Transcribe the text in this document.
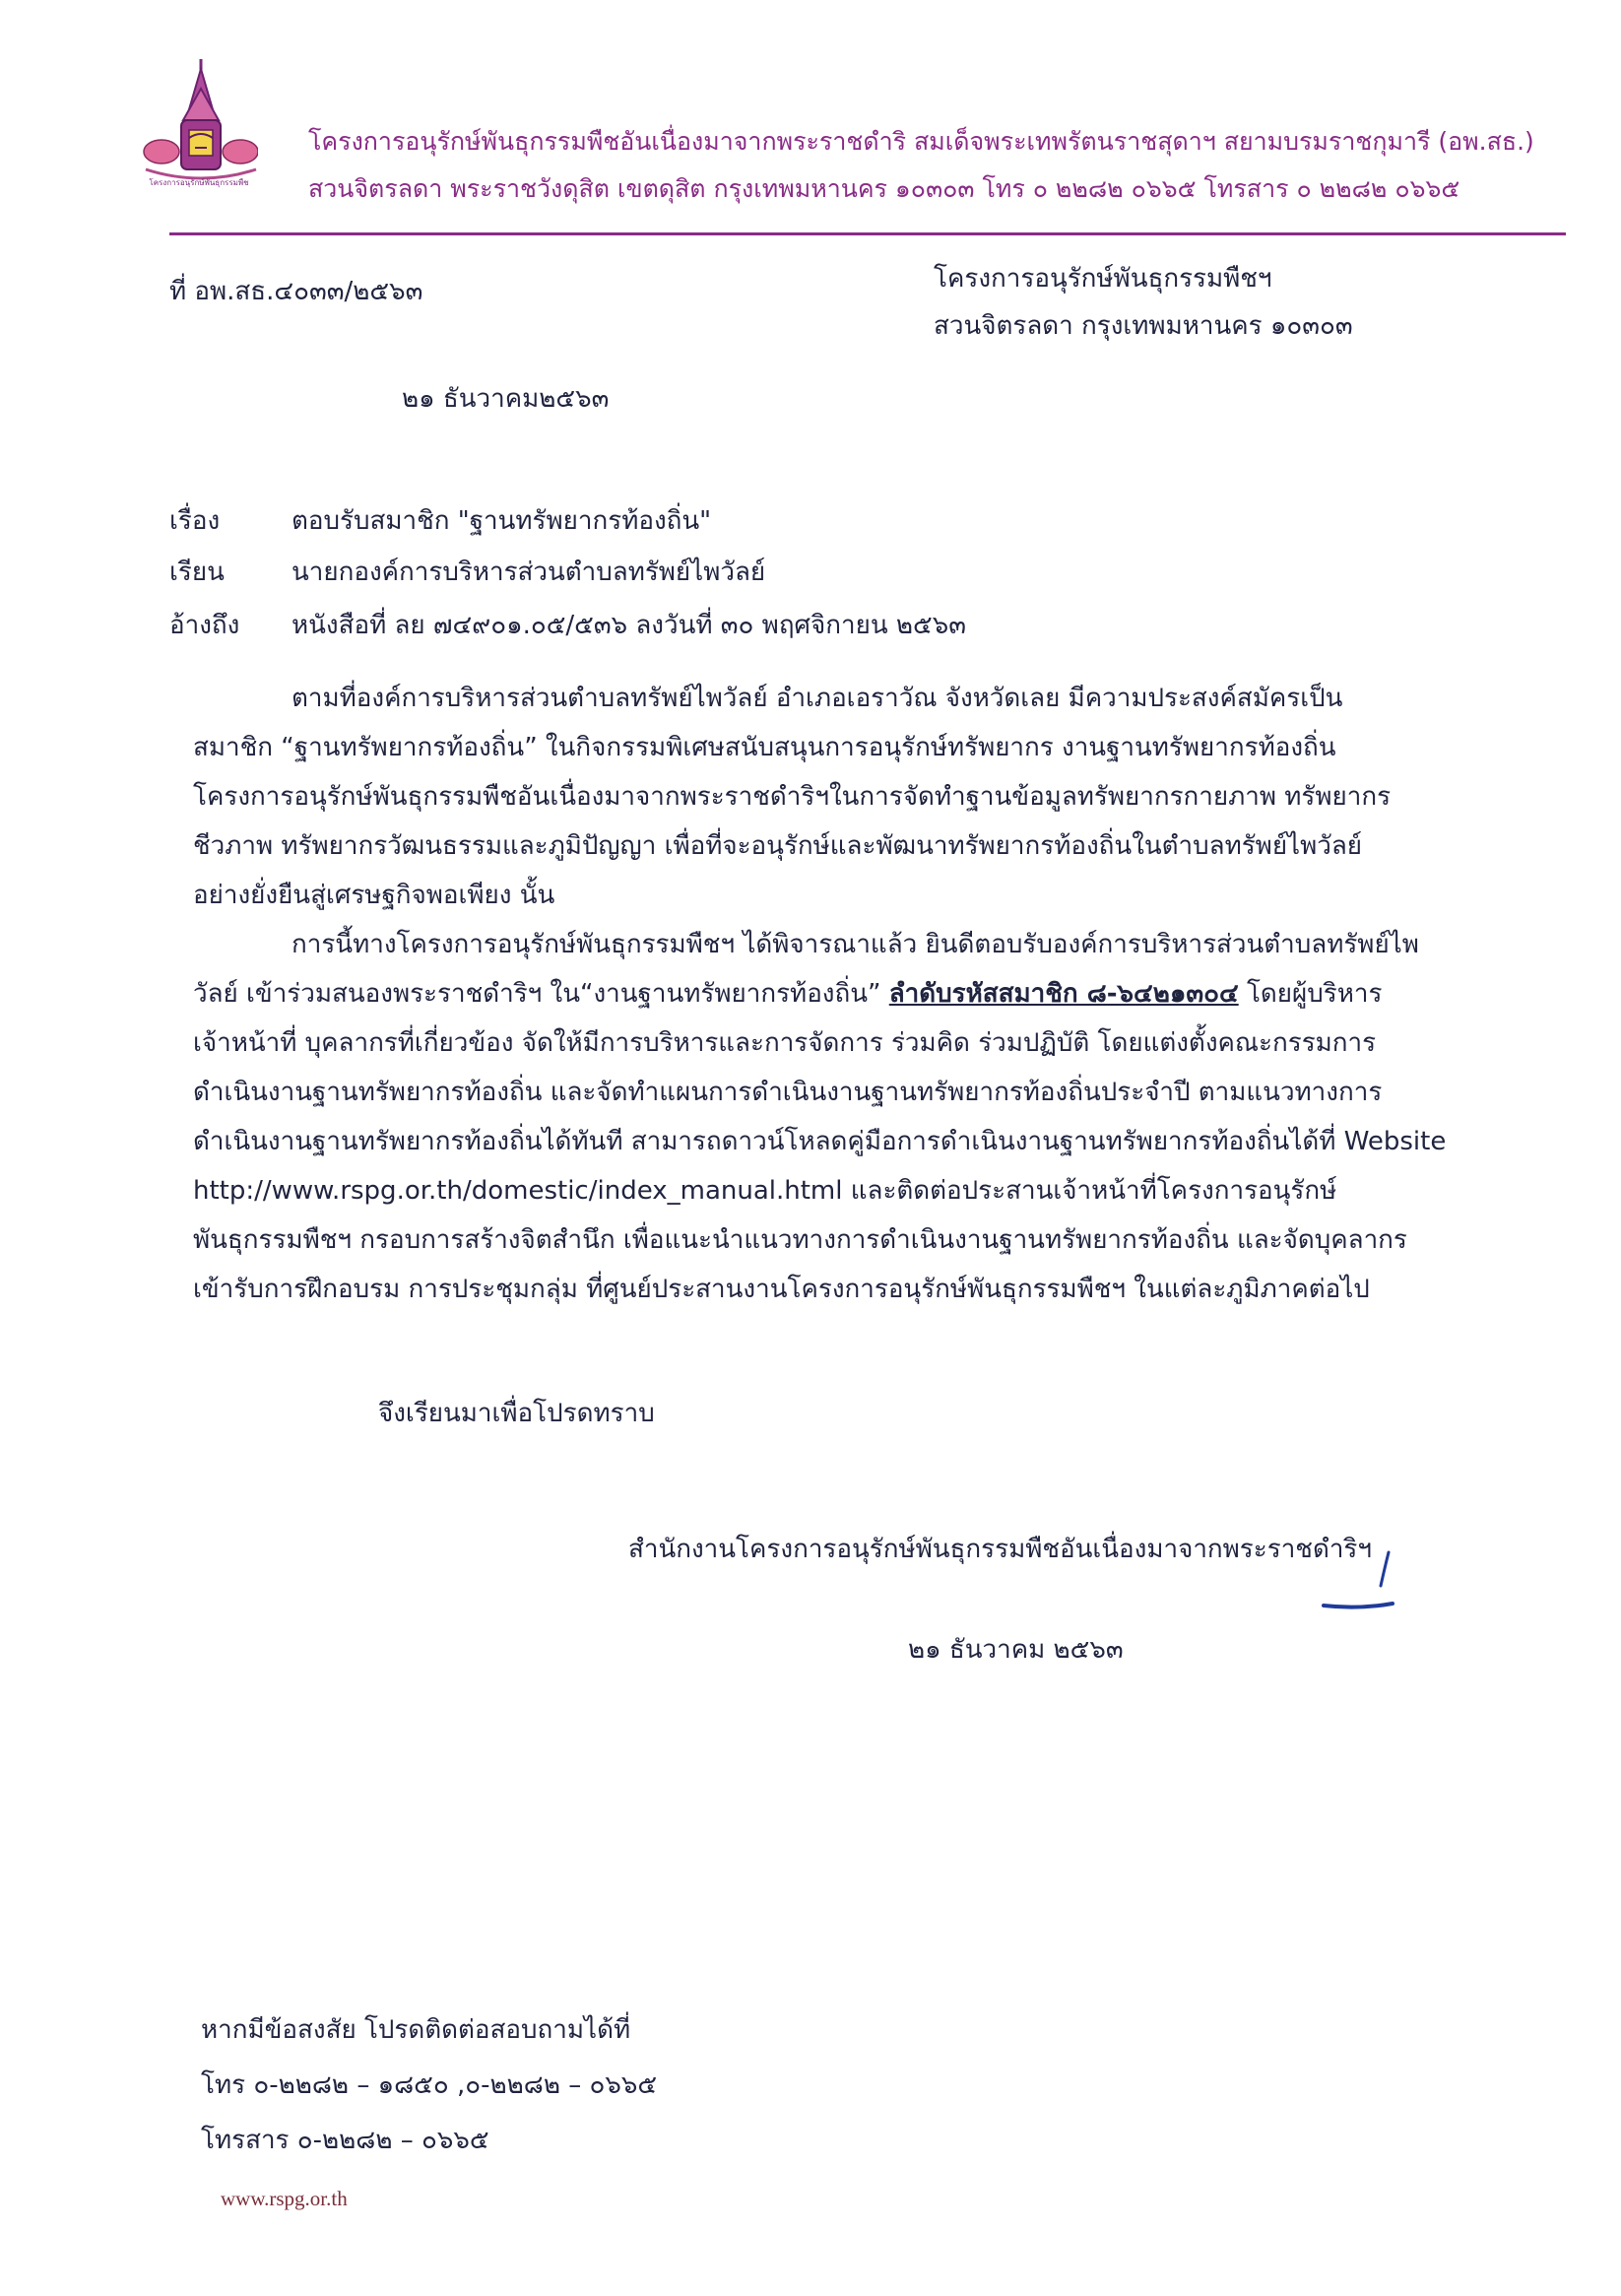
โครงการอนุรักษ์พันธุกรรมพืช
โครงการอนุรักษ์พันธุกรรมพืชอันเนื่องมาจากพระราชดำริ สมเด็จพระเทพรัตนราชสุดาฯ สยามบรมราชกุมารี (อพ.สธ.)
สวนจิตรลดา พระราชวังดุสิต เขตดุสิต กรุงเทพมหานคร ๑๐๓๐๓ โทร ๐ ๒๒๘๒ ๐๖๖๕ โทรสาร ๐ ๒๒๘๒ ๐๖๖๕
ที่ อพ.สธ.๔๐๓๓/๒๕๖๓	โครงการอนุรักษ์พันธุกรรมพืชฯ
สวนจิตรลดา กรุงเทพมหานคร ๑๐๓๐๓
๒๑ ธันวาคม๒๕๖๓
เรื่อง	ตอบรับสมาชิก "ฐานทรัพยากรท้องถิ่น"
เรียน	นายกองค์การบริหารส่วนตำบลทรัพย์ไพวัลย์
อ้างถึง หนังสือที่ ลย ๗๔๙๐๑.๐๕/๕๓๖ ลงวันที่ ๓๐ พฤศจิกายน ๒๕๖๓

ตามที่องค์การบริหารส่วนตำบลทรัพย์ไพวัลย์ อำเภอเอราวัณ จังหวัดเลย มีความประสงค์สมัครเป็น

สมาชิก “ฐานทรัพยากรท้องถิ่น” ในกิจกรรมพิเศษสนับสนุนการอนุรักษ์ทรัพยากร งานฐานทรัพยากรท้องถิ่น

โครงการอนุรักษ์พันธุกรรมพืชอันเนื่องมาจากพระราชดำริฯในการจัดทำฐานข้อมูลทรัพยากรกายภาพ ทรัพยากร

ชีวภาพ ทรัพยากรวัฒนธรรมและภูมิปัญญา เพื่อที่จะอนุรักษ์และพัฒนาทรัพยากรท้องถิ่นในตำบลทรัพย์ไพวัลย์

อย่างยั่งยืนสู่เศรษฐกิจพอเพียง นั้น

การนี้ทางโครงการอนุรักษ์พันธุกรรมพืชฯ ได้พิจารณาแล้ว ยินดีตอบรับองค์การบริหารส่วนตำบลทรัพย์ไพ

วัลย์ เข้าร่วมสนองพระราชดำริฯ ใน“งานฐานทรัพยากรท้องถิ่น” ลำดับรหัสสมาชิก ๘-๖๔๒๑๓๐๔ โดยผู้บริหาร

เจ้าหน้าที่ บุคลากรที่เกี่ยวข้อง จัดให้มีการบริหารและการจัดการ ร่วมคิด ร่วมปฏิบัติ โดยแต่งตั้งคณะกรรมการ

ดำเนินงานฐานทรัพยากรท้องถิ่น และจัดทำแผนการดำเนินงานฐานทรัพยากรท้องถิ่นประจำปี ตามแนวทางการ

ดำเนินงานฐานทรัพยากรท้องถิ่นได้ทันที สามารถดาวน์โหลดคู่มือการดำเนินงานฐานทรัพยากรท้องถิ่นได้ที่ Website

http://www.rspg.or.th/domestic/index_manual.html และติดต่อประสานเจ้าหน้าที่โครงการอนุรักษ์

พันธุกรรมพืชฯ กรอบการสร้างจิตสำนึก เพื่อแนะนำแนวทางการดำเนินงานฐานทรัพยากรท้องถิ่น และจัดบุคลากร

เข้ารับการฝึกอบรม การประชุมกลุ่ม ที่ศูนย์ประสานงานโครงการอนุรักษ์พันธุกรรมพืชฯ ในแต่ละภูมิภาคต่อไป

จึงเรียนมาเพื่อโปรดทราบ
สำนักงานโครงการอนุรักษ์พันธุกรรมพืชอันเนื่องมาจากพระราชดำริฯ
๒๑ ธันวาคม ๒๕๖๓
หากมีข้อสงสัย โปรดติดต่อสอบถามได้ที่
โทร ๐-๒๒๘๒ – ๑๘๕๐ ,๐-๒๒๘๒ – ๐๖๖๕
โทรสาร ๐-๒๒๘๒ – ๐๖๖๕
www.rspg.or.th
